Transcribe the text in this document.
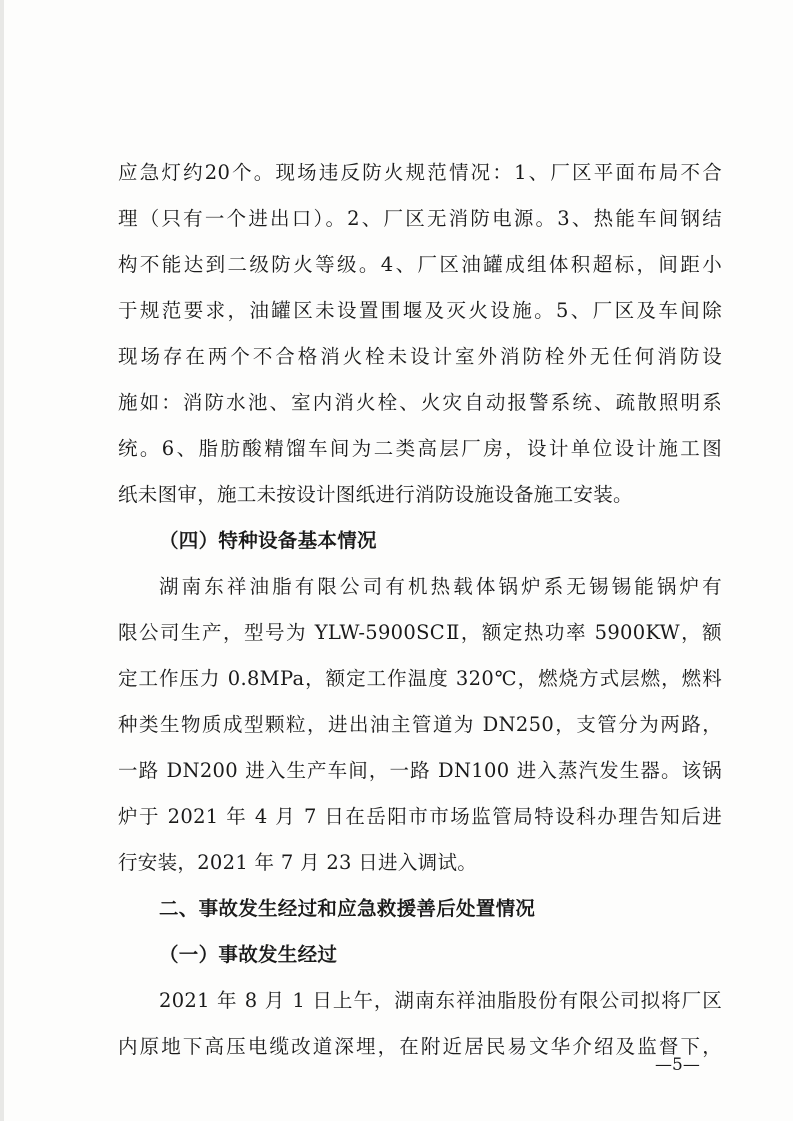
应急灯约20个。现场违反防火规范情况：1、厂区平面布局不合
理（只有一个进出口）。2、厂区无消防电源。3、热能车间钢结
构不能达到二级防火等级。4、厂区油罐成组体积超标，间距小
于规范要求，油罐区未设置围堰及灭火设施。5、厂区及车间除
现场存在两个不合格消火栓未设计室外消防栓外无任何消防设
施如：消防水池、室内消火栓、火灾自动报警系统、疏散照明系
统。6、脂肪酸精馏车间为二类高层厂房，设计单位设计施工图
纸未图审，施工未按设计图纸进行消防设施设备施工安装。
（四）特种设备基本情况
湖南东祥油脂有限公司有机热载体锅炉系无锡锡能锅炉有
限公司生产，型号为 YLW-5900SCⅡ，额定热功率 5900KW，额
定工作压力 0.8MPa，额定工作温度 320℃，燃烧方式层燃，燃料
种类生物质成型颗粒，进出油主管道为 DN250，支管分为两路，
一路 DN200 进入生产车间，一路 DN100 进入蒸汽发生器。该锅
炉于 2021 年 4 月 7 日在岳阳市市场监管局特设科办理告知后进
行安装，2021 年 7 月 23 日进入调试。
二、事故发生经过和应急救援善后处置情况
（一）事故发生经过
2021 年 8 月 1 日上午，湖南东祥油脂股份有限公司拟将厂区
内原地下高压电缆改道深埋，在附近居民易文华介绍及监督下，
—5—
